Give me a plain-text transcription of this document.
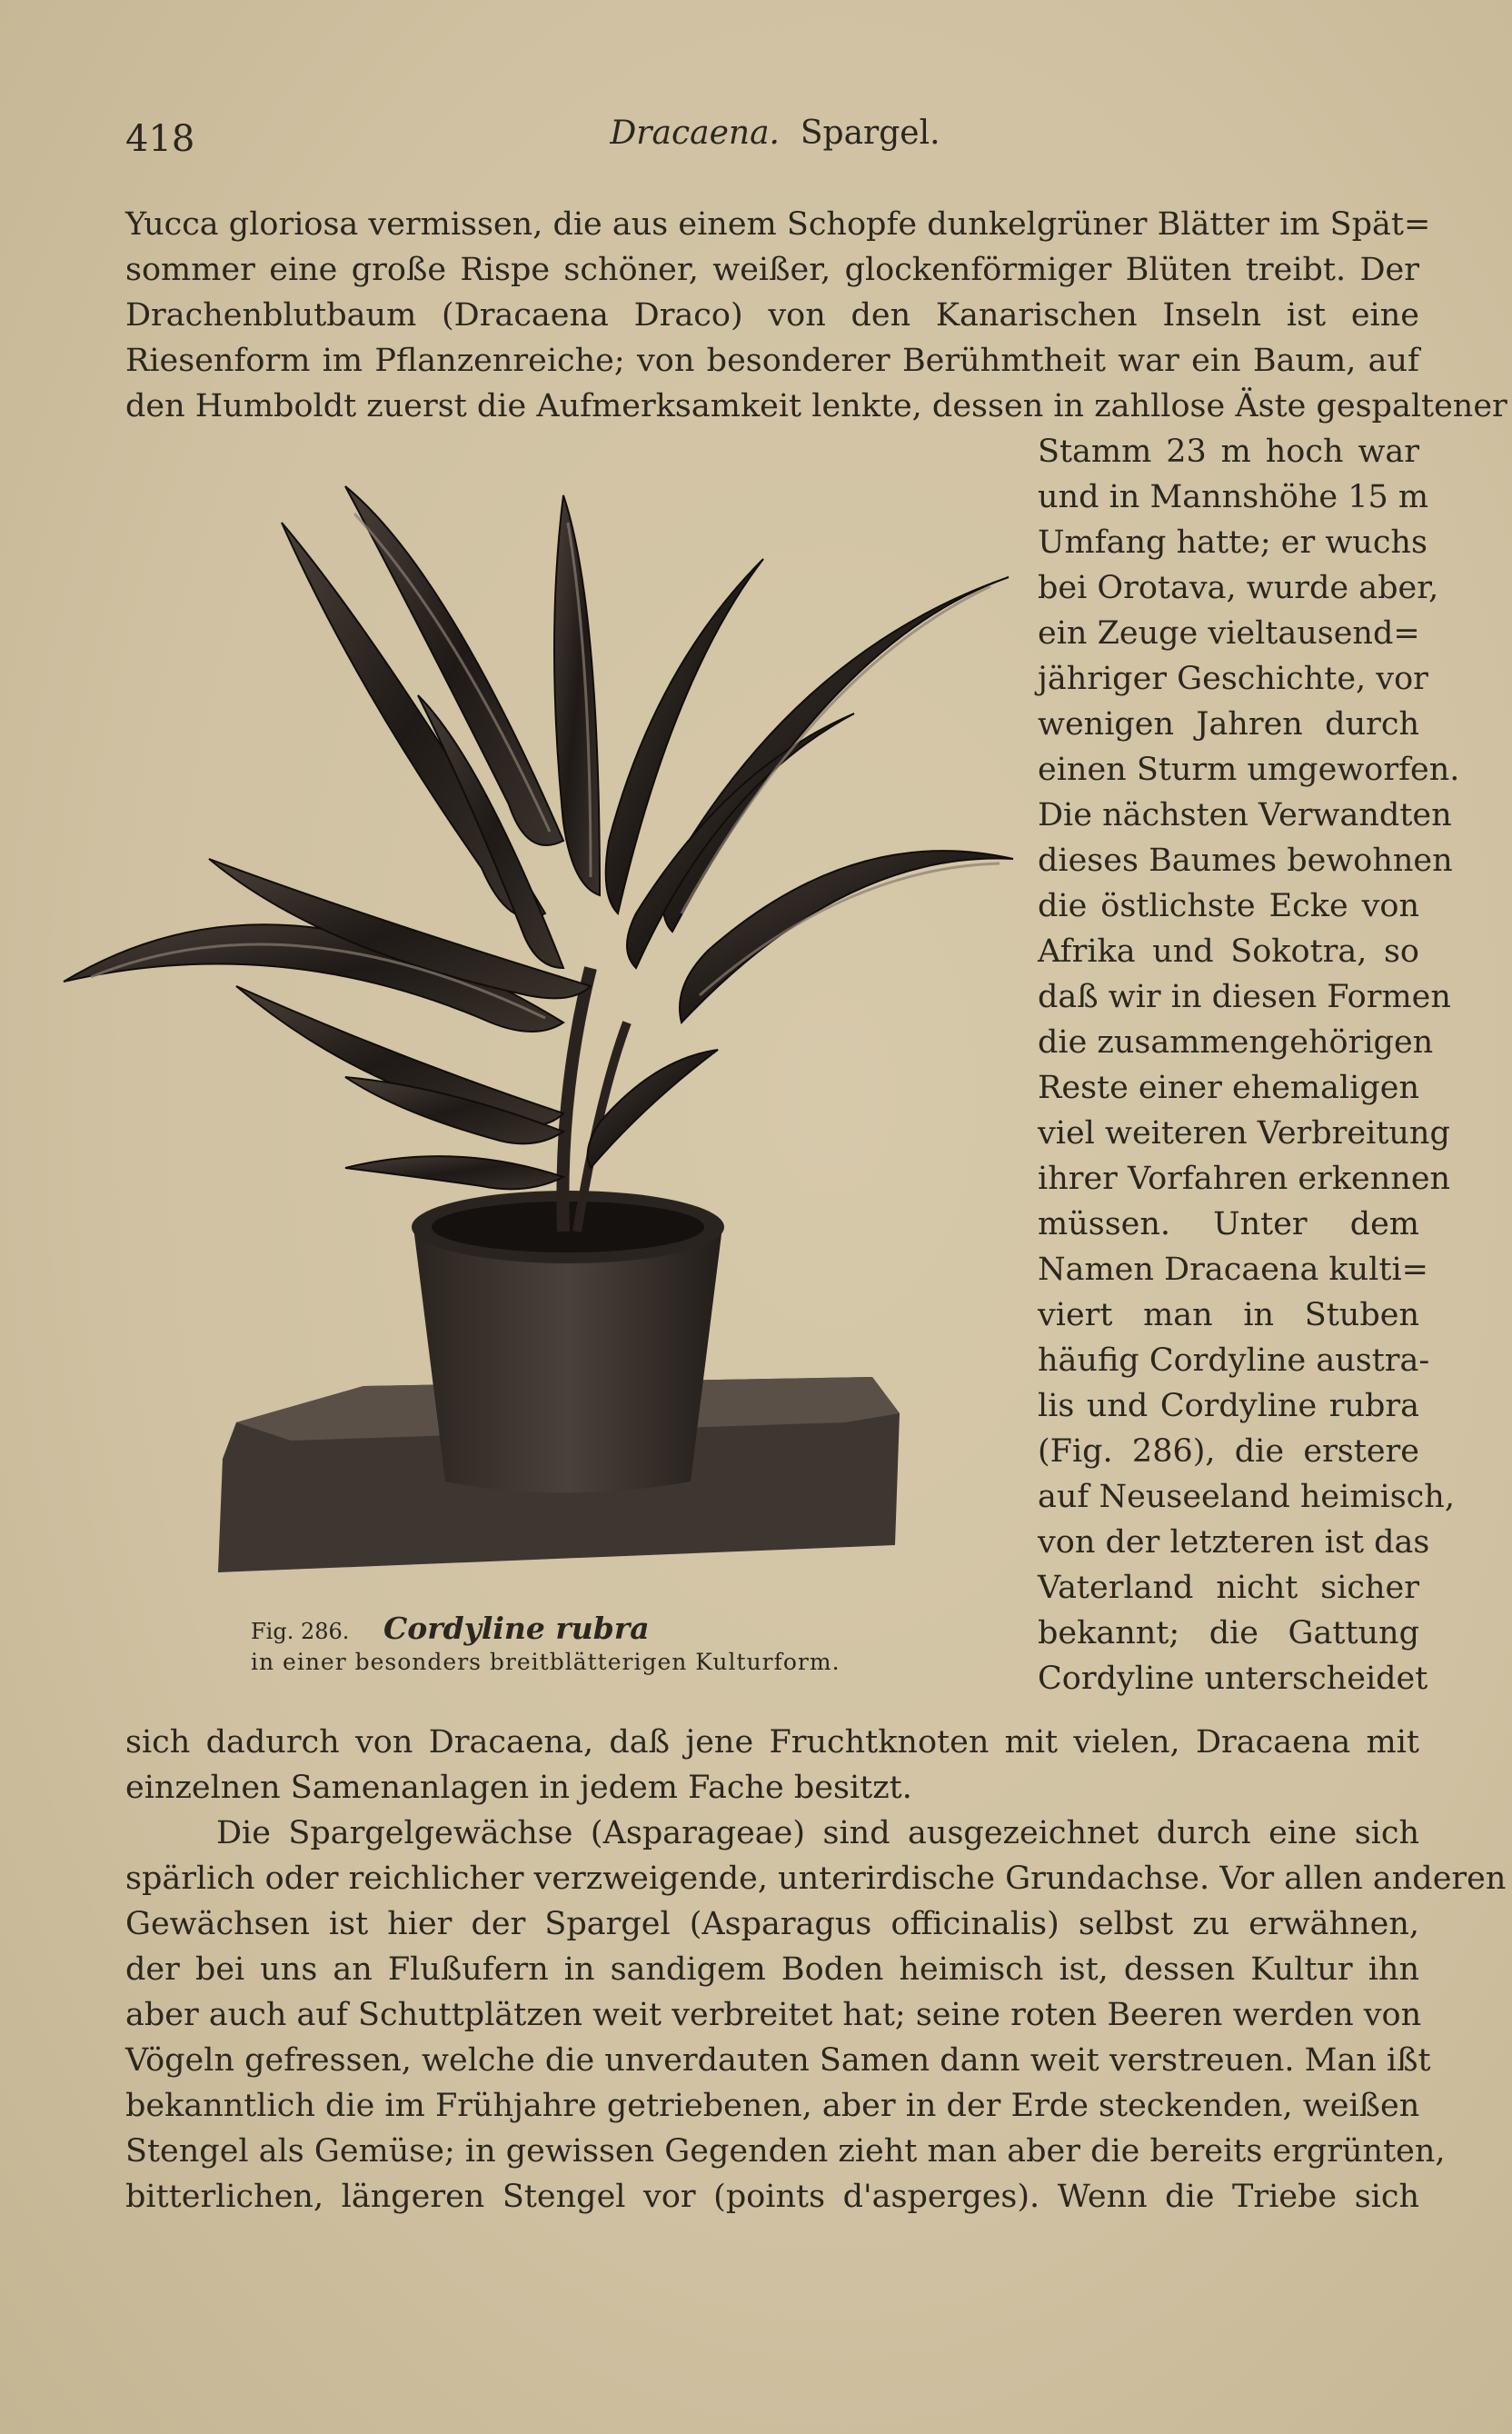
418	Dracaena. Spargel.
Yucca gloriosa vermissen, die aus einem Schopfe dunkelgrüner Blätter im Spät=
sommer eine große Rispe schöner, weißer, glockenförmiger Blüten treibt. Der
Drachenblutbaum (Dracaena Draco) von den Kanarischen Inseln ist eine
Riesenform im Pflanzenreiche; von besonderer Berühmtheit war ein Baum, auf
den Humboldt zuerst die Aufmerksamkeit lenkte, dessen in zahllose Äste gespaltener
Stamm 23 m hoch war
und in Mannshöhe 15 m
Umfang hatte; er wuchs
bei Orotava, wurde aber,
ein Zeuge vieltausend=
jähriger Geschichte, vor
wenigen Jahren durch
einen Sturm umgeworfen.
Die nächsten Verwandten
dieses Baumes bewohnen
die östlichste Ecke von
Afrika und Sokotra, so
daß wir in diesen Formen
die zusammengehörigen
Reste einer ehemaligen
viel weiteren Verbreitung
ihrer Vorfahren erkennen
müssen. Unter dem
Namen Dracaena kulti=
viert man in Stuben
häufig Cordyline austra-
lis und Cordyline rubra
(Fig. 286), die erstere
auf Neuseeland heimisch,
von der letzteren ist das
Vaterland nicht sicher
bekannt; die Gattung
Cordyline unterscheidet
Fig. 286. Cordyline rubra
in einer besonders breitblätterigen Kulturform.
sich dadurch von Dracaena, daß jene Fruchtknoten mit vielen, Dracaena mit
einzelnen Samenanlagen in jedem Fache besitzt.
Die Spargelgewächse (Asparageae) sind ausgezeichnet durch eine sich
spärlich oder reichlicher verzweigende, unterirdische Grundachse. Vor allen anderen
Gewächsen ist hier der Spargel (Asparagus officinalis) selbst zu erwähnen,
der bei uns an Flußufern in sandigem Boden heimisch ist, dessen Kultur ihn
aber auch auf Schuttplätzen weit verbreitet hat; seine roten Beeren werden von
Vögeln gefressen, welche die unverdauten Samen dann weit verstreuen. Man ißt
bekanntlich die im Frühjahre getriebenen, aber in der Erde steckenden, weißen
Stengel als Gemüse; in gewissen Gegenden zieht man aber die bereits ergrünten,
bitterlichen, längeren Stengel vor (points d'asperges). Wenn die Triebe sich
